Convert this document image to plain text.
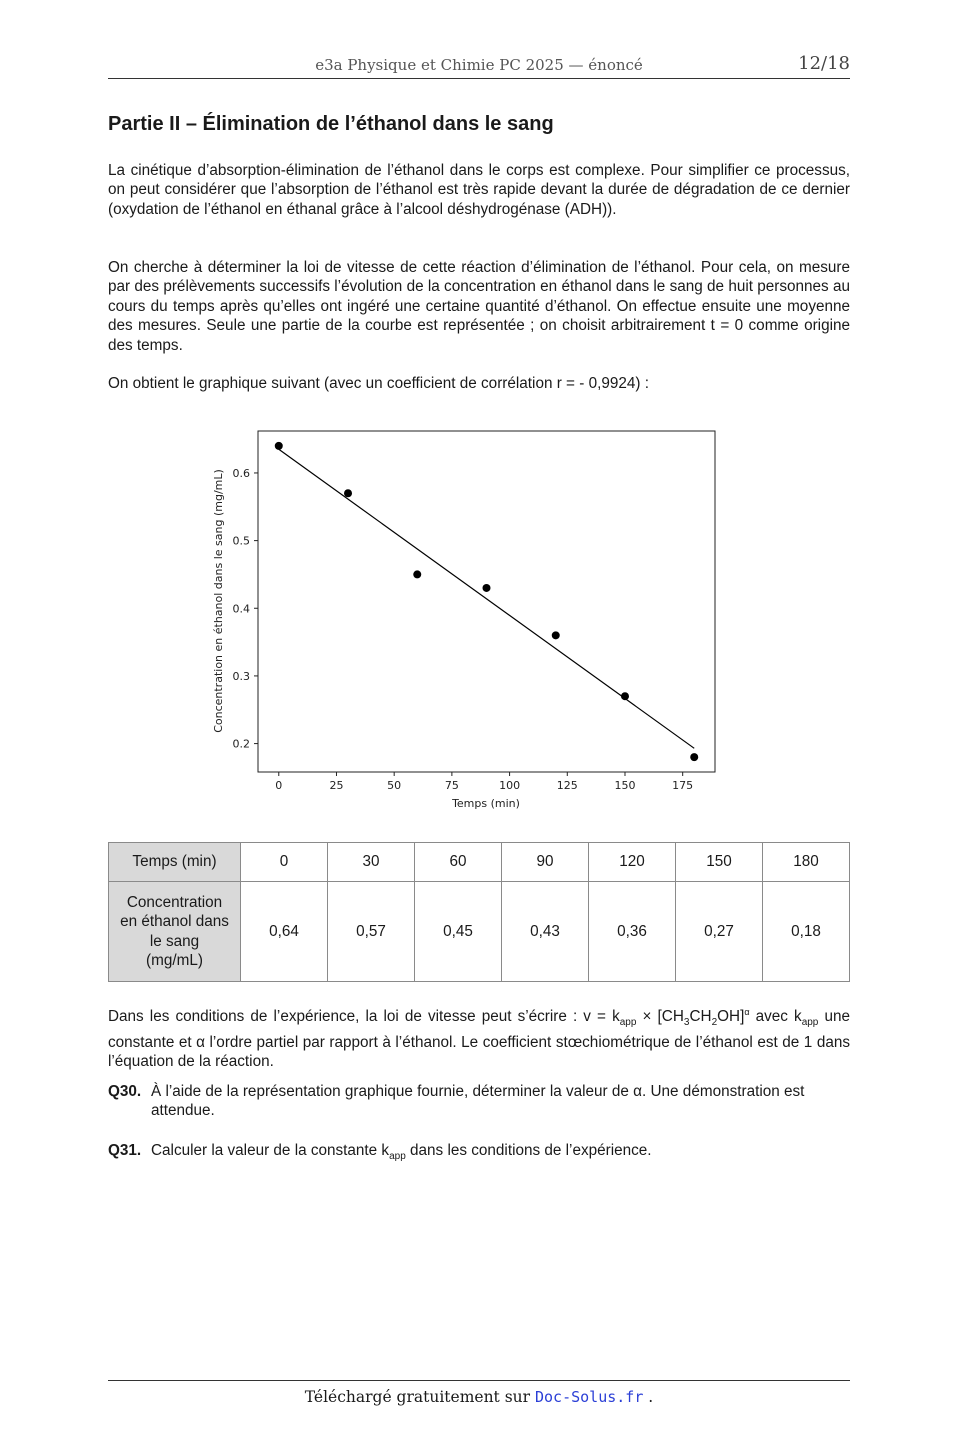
e3a Physique et Chimie PC 2025 — énoncé	12/18
Partie II – Élimination de l’éthanol dans le sang

La cinétique d’absorption-élimination de l’éthanol dans le corps est complexe. Pour simplifier ce processus, on peut considérer que l’absorption de l’éthanol est très rapide devant la durée de dégradation de ce dernier (oxydation de l’éthanol en éthanal grâce à l’alcool déshydrogénase (ADH)).

On cherche à déterminer la loi de vitesse de cette réaction d’élimination de l’éthanol. Pour cela, on mesure par des prélèvements successifs l’évolution de la concentration en éthanol dans le sang de huit personnes au cours du temps après qu’elles ont ingéré une certaine quantité d’éthanol. On effectue ensuite une moyenne des mesures. Seule une partie de la courbe est représentée ; on choisit arbitrairement t = 0 comme origine des temps.

On obtient le graphique suivant (avec un coefficient de corrélation r = - 0,9924) :

0	25	50	75	100	125	150	175
0.2
0.3
0.4
0.5
0.6
Temps (min)
Concentration en éthanol dans le sang (mg/mL)
Temps (min)	0	30	60	90	120	150	180

Concentration en éthanol dans le sang (mg/mL)	0,64	0,57	0,45	0,43	0,36	0,27	0,18

Dans les conditions de l’expérience, la loi de vitesse peut s’écrire : $v = k_{app} \times [CH_3CH_2OH]^\alpha$ avec $k_{app}$ une constante et α l’ordre partiel par rapport à l’éthanol. Le coefficient stœchiométrique de l’éthanol est de 1 dans l’équation de la réaction.

Q30. À l’aide de la représentation graphique fournie, déterminer la valeur de α. Une démonstration est attendue.
Q31. Calculer la valeur de la constante $k_{app}$ dans les conditions de l’expérience.
Téléchargé gratuitement sur Doc-Solus.fr .
